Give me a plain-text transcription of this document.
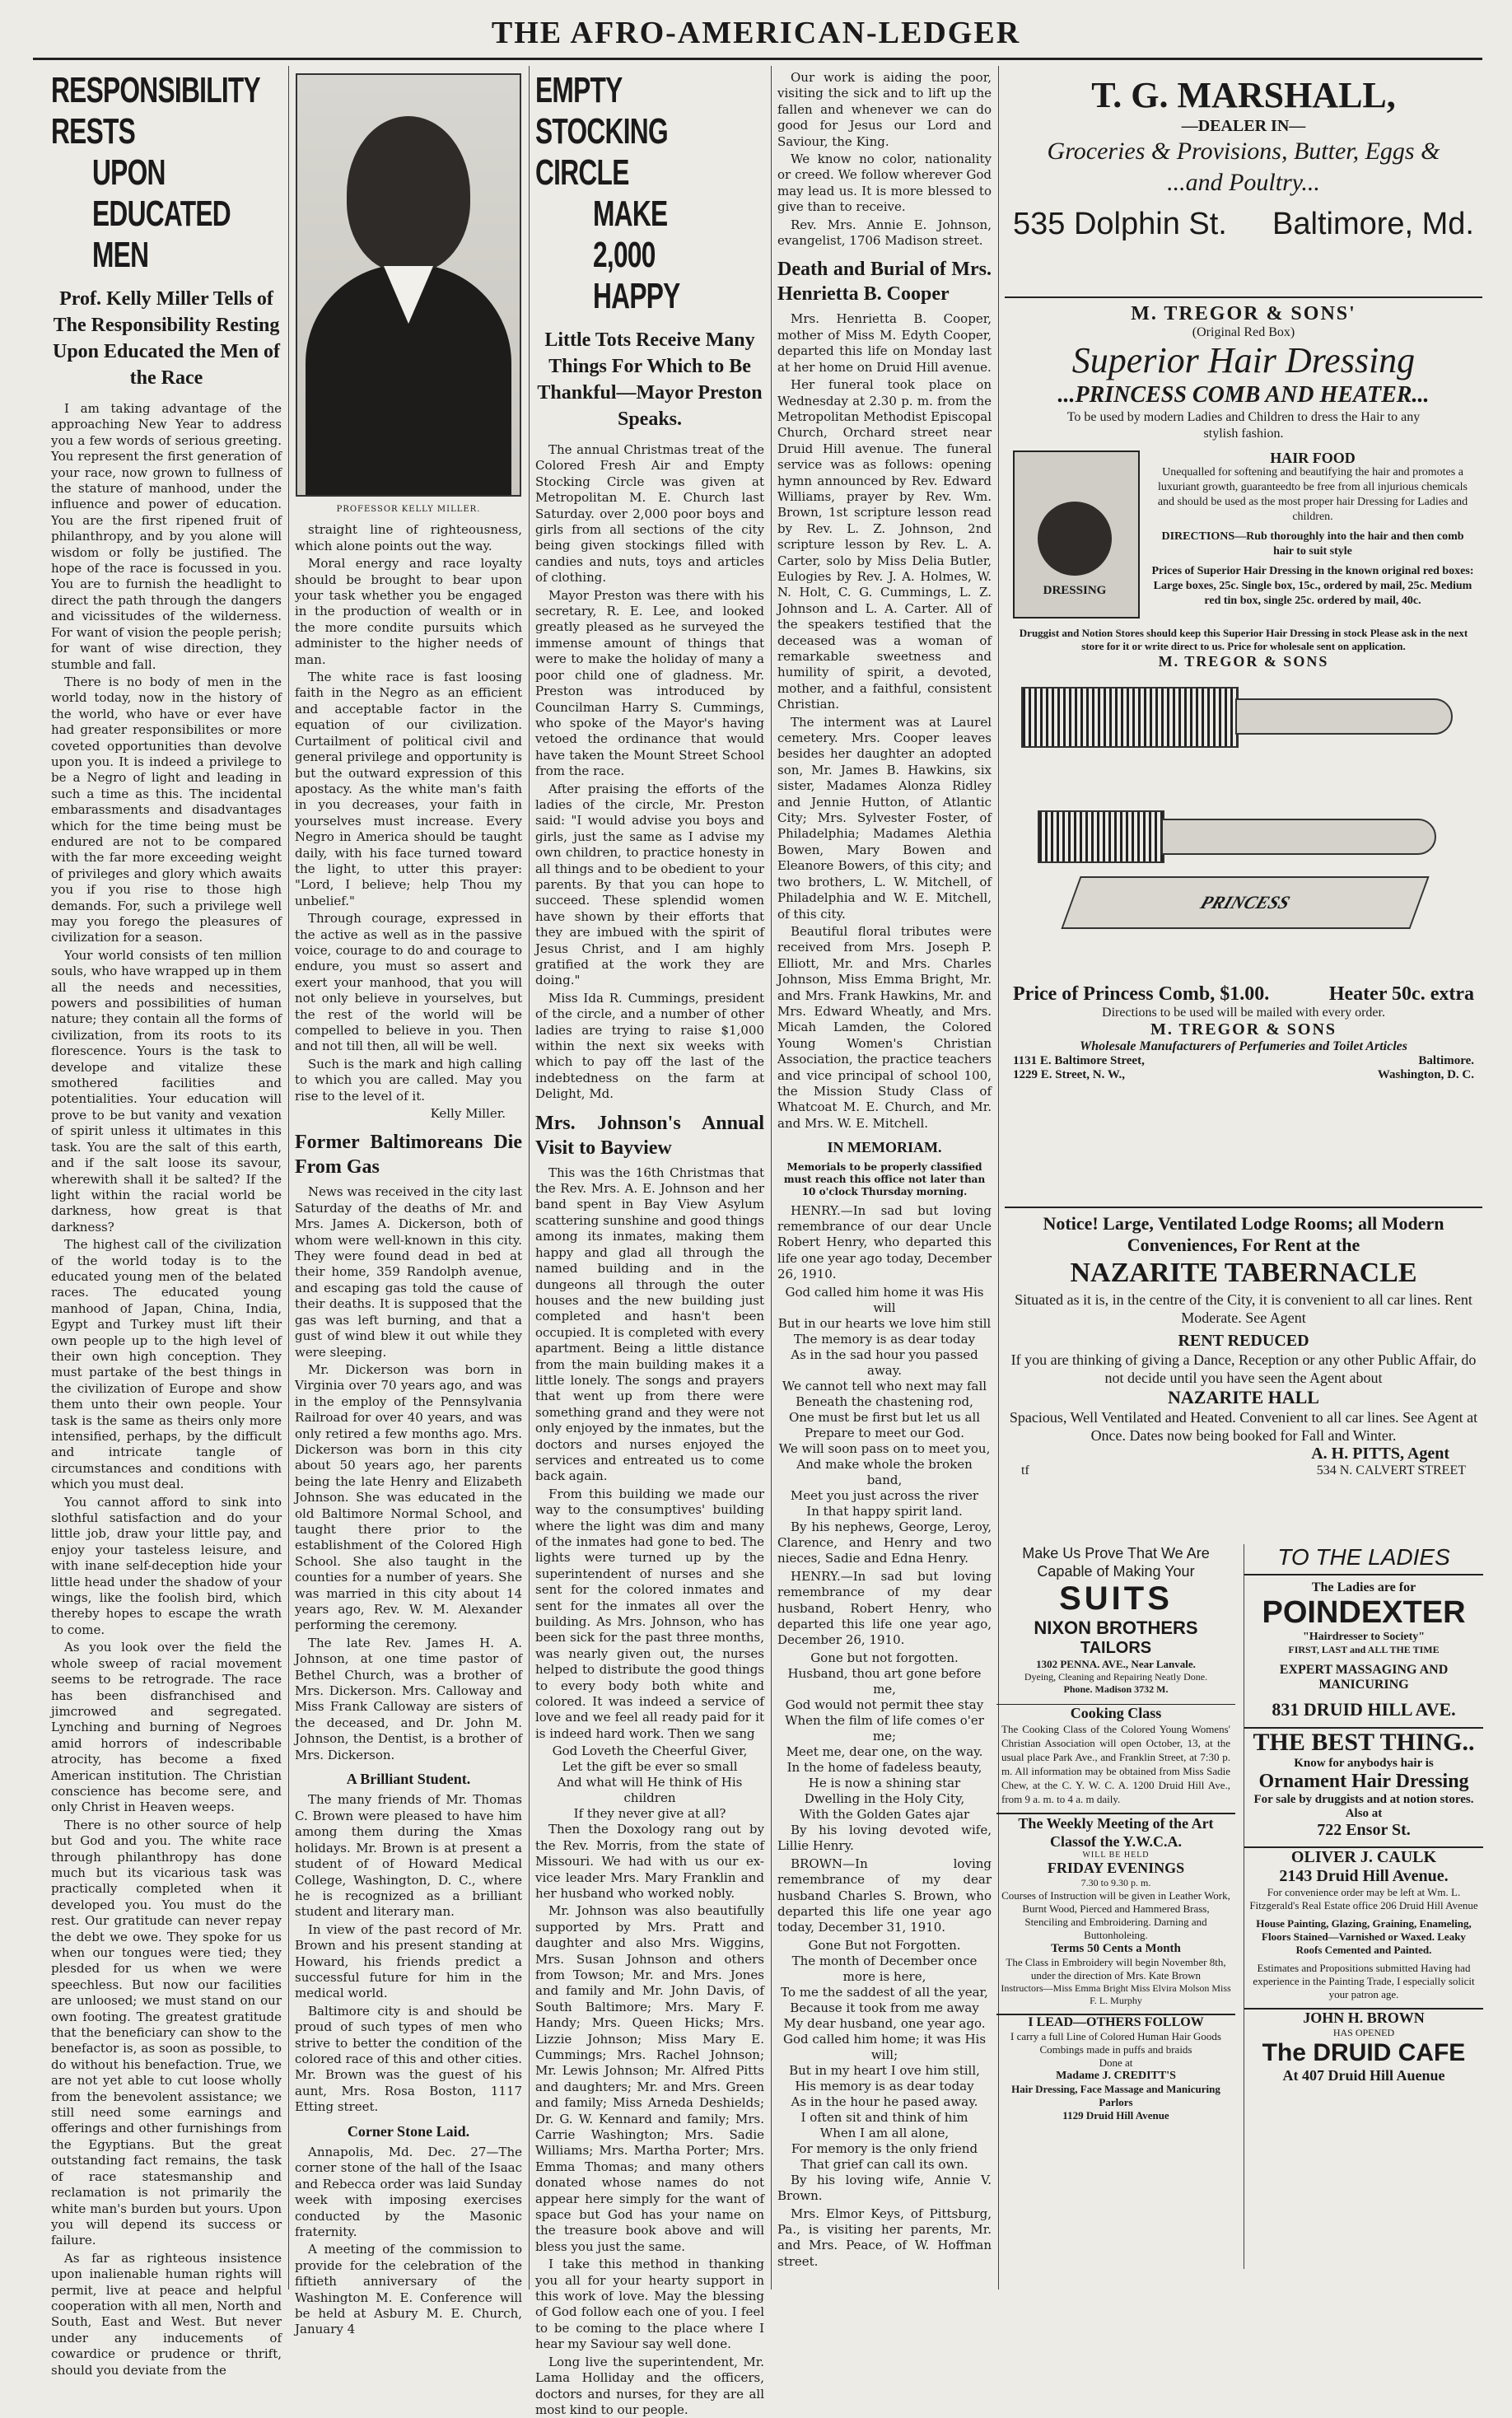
THE AFRO-AMERICAN-LEDGER
RESPONSIBILITY RESTS
UPON EDUCATED MEN
Prof. Kelly Miller Tells of The Responsibility Resting Upon Educated the Men of the Race

I am taking advantage of the approaching New Year to address you a few words of serious greeting. You represent the first generation of your race, now grown to fullness of the stature of manhood, under the influence and power of education. You are the first ripened fruit of philanthropy, and by you alone will wisdom or folly be justified. The hope of the race is focussed in you. You are to furnish the headlight to direct the path through the dangers and vicissitudes of the wilderness. For want of vision the people perish; for want of wise direction, they stumble and fall.

There is no body of men in the world today, now in the history of the world, who have or ever have had greater responsibilites or more coveted opportunities than devolve upon you. It is indeed a privilege to be a Negro of light and leading in such a time as this. The incidental embarassments and disadvantages which for the time being must be endured are not to be compared with the far more exceeding weight of privileges and glory which awaits you if you rise to those high demands. For, such a privilege well may you forego the pleasures of civilization for a season.

Your world consists of ten million souls, who have wrapped up in them all the needs and necessities, powers and possibilities of human nature; they contain all the forms of civilization, from its roots to its florescence. Yours is the task to develope and vitalize these smothered facilities and potentialities. Your education will prove to be but vanity and vexation of spirit unless it ultimates in this task. You are the salt of this earth, and if the salt loose its savour, wherewith shall it be salted? If the light within the racial world be darkness, how great is that darkness?

The highest call of the civilization of the world today is to the educated young men of the belated races. The educated young manhood of Japan, China, India, Egypt and Turkey must lift their own people up to the high level of their own high conception. They must partake of the best things in the civilization of Europe and show them unto their own people. Your task is the same as theirs only more intensified, perhaps, by the difficult and intricate tangle of circumstances and conditions with which you must deal.

You cannot afford to sink into slothful satisfaction and do your little job, draw your little pay, and enjoy your tasteless leisure, and with inane self-deception hide your little head under the shadow of your wings, like the foolish bird, which thereby hopes to escape the wrath to come.

As you look over the field the whole sweep of racial movement seems to be retrograde. The race has been disfranchised and jimcrowed and segregated. Lynching and burning of Negroes amid horrors of indescribable atrocity, has become a fixed American institution. The Christian conscience has become sere, and only Christ in Heaven weeps.

There is no other source of help but God and you. The white race through philanthropy has done much but its vicarious task was practically completed when it developed you. You must do the rest. Our gratitude can never repay the debt we owe. They spoke for us when our tongues were tied; they plesded for us when we were speechless. But now our facilities are unloosed; we must stand on our own footing. The greatest gratitude that the beneficiary can show to the benefactor is, as soon as possible, to do without his benefaction. True, we are not yet able to cut loose wholly from the benevolent assistance; we still need some earnings and offerings and other furnishings from the Egyptians. But the great outstanding fact remains, the task of race statesmanship and reclamation is not primarily the white man's burden but yours. Upon you will depend its success or failure.

As far as righteous insistence upon inalienable human rights will permit, live at peace and helpful cooperation with all men, North and South, East and West. But never under any inducements of cowardice or prudence or thrift, should you deviate from the

PROFESSOR KELLY MILLER.

straight line of righteousness, which alone points out the way.

Moral energy and race loyalty should be brought to bear upon your task whether you be engaged in the production of wealth or in the more condite pursuits which administer to the higher needs of man.

The white race is fast loosing faith in the Negro as an efficient and acceptable factor in the equation of our civilization. Curtailment of political civil and general privilege and opportunity is but the outward expression of this apostacy. As the white man's faith in you decreases, your faith in yourselves must increase. Every Negro in America should be taught daily, with his face turned toward the light, to utter this prayer: "Lord, I believe; help Thou my unbelief."

Through courage, expressed in the active as well as in the passive voice, courage to do and courage to endure, you must so assert and exert your manhood, that you will not only believe in yourselves, but the rest of the world will be compelled to believe in you. Then and not till then, all will be well.

Such is the mark and high calling to which you are called. May you rise to the level of it.

Kelly Miller.
Former Baltimoreans Die From Gas

News was received in the city last Saturday of the deaths of Mr. and Mrs. James A. Dickerson, both of whom were well-known in this city. They were found dead in bed at their home, 359 Randolph avenue, and escaping gas told the cause of their deaths. It is supposed that the gas was left burning, and that a gust of wind blew it out while they were sleeping.

Mr. Dickerson was born in Virginia over 70 years ago, and was in the employ of the Pennsylvania Railroad for over 40 years, and was only retired a few months ago. Mrs. Dickerson was born in this city about 50 years ago, her parents being the late Henry and Elizabeth Johnson. She was educated in the old Baltimore Normal School, and taught there prior to the establishment of the Colored High School. She also taught in the counties for a number of years. She was married in this city about 14 years ago, Rev. W. M. Alexander performing the ceremony.

The late Rev. James H. A. Johnson, at one time pastor of Bethel Church, was a brother of Mrs. Dickerson. Mrs. Calloway and Miss Frank Calloway are sisters of the deceased, and Dr. John M. Johnson, the Dentist, is a brother of Mrs. Dickerson.

A Brilliant Student.

The many friends of Mr. Thomas C. Brown were pleased to have him among them during the Xmas holidays. Mr. Brown is at present a student of of Howard Medical College, Washington, D. C., where he is recognized as a brilliant student and literary man.

In view of the past record of Mr. Brown and his present standing at Howard, his friends predict a successful future for him in the medical world.

Baltimore city is and should be proud of such types of men who strive to better the condition of the colored race of this and other cities. Mr. Brown was the guest of his aunt, Mrs. Rosa Boston, 1117 Etting street.

Corner Stone Laid.

Annapolis, Md. Dec. 27—The corner stone of the hall of the Isaac and Rebecca order was laid Sunday week with imposing exercises conducted by the Masonic fraternity.

A meeting of the commission to provide for the celebration of the fiftieth anniversary of the Washington M. E. Conference will be held at Asbury M. E. Church, January 4

EMPTY STOCKING CIRCLE
MAKE 2,000 HAPPY
Little Tots Receive Many Things For Which to Be Thankful—Mayor Preston Speaks.

The annual Christmas treat of the Colored Fresh Air and Empty Stocking Circle was given at Metropolitan M. E. Church last Saturday. over 2,000 poor boys and girls from all sections of the city being given stockings filled with candies and nuts, toys and articles of clothing.

Mayor Preston was there with his secretary, R. E. Lee, and looked greatly pleased as he surveyed the immense amount of things that were to make the holiday of many a poor child one of gladness. Mr. Preston was introduced by Councilman Harry S. Cummings, who spoke of the Mayor's having vetoed the ordinance that would have taken the Mount Street School from the race.

After praising the efforts of the ladies of the circle, Mr. Preston said: "I would advise you boys and girls, just the same as I advise my own children, to practice honesty in all things and to be obedient to your parents. By that you can hope to succeed. These splendid women have shown by their efforts that they are imbued with the spirit of Jesus Christ, and I am highly gratified at the work they are doing."

Miss Ida R. Cummings, president of the circle, and a number of other ladies are trying to raise $1,000 within the next six weeks with which to pay off the last of the indebtedness on the farm at Delight, Md.

Mrs. Johnson's Annual Visit to Bayview

This was the 16th Christmas that the Rev. Mrs. A. E. Johnson and her band spent in Bay View Asylum scattering sunshine and good things among its inmates, making them happy and glad all through the named building and in the dungeons all through the outer houses and the new building just completed and hasn't been occupied. It is completed with every apartment. Being a little distance from the main building makes it a little lonely. The songs and prayers that went up from there were something grand and they were not only enjoyed by the inmates, but the doctors and nurses enjoyed the services and entreated us to come back again.

From this building we made our way to the consumptives' building where the light was dim and many of the inmates had gone to bed. The lights were turned up by the superintendent of nurses and she sent for the colored inmates and sent for the inmates all over the building. As Mrs. Johnson, who has been sick for the past three months, was nearly given out, the nurses helped to distribute the good things to every body both white and colored. It was indeed a service of love and we feel all ready paid for it is indeed hard work. Then we sang

God Loveth the Cheerful Giver,
Let the gift be ever so small
And what will He think of His children
If they never give at all?

Then the Doxology rang out by the Rev. Morris, from the state of Missouri. We had with us our ex-vice leader Mrs. Mary Franklin and her husband who worked nobly.

Mr. Johnson was also beautifully supported by Mrs. Pratt and daughter and also Mrs. Wiggins, Mrs. Susan Johnson and others from Towson; Mr. and Mrs. Jones and family and Mr. John Davis, of South Baltimore; Mrs. Mary F. Handy; Mrs. Queen Hicks; Mrs. Lizzie Johnson; Miss Mary E. Cummings; Mrs. Rachel Johnson; Mr. Lewis Johnson; Mr. Alfred Pitts and daughters; Mr. and Mrs. Green and family; Miss Arneda Deshields; Dr. G. W. Kennard and family; Mrs. Carrie Washington; Mrs. Sadie Williams; Mrs. Martha Porter; Mrs. Emma Thomas; and many others donated whose names do not appear here simply for the want of space but God has your name on the treasure book above and will bless you just the same.

I take this method in thanking you all for your hearty support in this work of love. May the blessing of God follow each one of you. I feel to be coming to the place where I hear my Saviour say well done.

Long live the superintendent, Mr. Lama Holliday and the officers, doctors and nurses, for they are all most kind to our people.

Our work is aiding the poor, visiting the sick and to lift up the fallen and whenever we can do good for Jesus our Lord and Saviour, the King.

We know no color, nationality or creed. We follow wherever God may lead us. It is more blessed to give than to receive.

Rev. Mrs. Annie E. Johnson, evangelist, 1706 Madison street.

Death and Burial of Mrs. Henrietta B. Cooper

Mrs. Henrietta B. Cooper, mother of Miss M. Edyth Cooper, departed this life on Monday last at her home on Druid Hill avenue.

Her funeral took place on Wednesday at 2.30 p. m. from the Metropolitan Methodist Episcopal Church, Orchard street near Druid Hill avenue. The funeral service was as follows: opening hymn announced by Rev. Edward Williams, prayer by Rev. Wm. Brown, 1st scripture lesson read by Rev. L. Z. Johnson, 2nd scripture lesson by Rev. L. A. Carter, solo by Miss Delia Butler, Eulogies by Rev. J. A. Holmes, W. N. Holt, C. G. Cummings, L. Z. Johnson and L. A. Carter. All of the speakers testified that the deceased was a woman of remarkable sweetness and humility of spirit, a devoted, mother, and a faithful, consistent Christian.

The interment was at Laurel cemetery. Mrs. Cooper leaves besides her daughter an adopted son, Mr. James B. Hawkins, six sister, Madames Alonza Ridley and Jennie Hutton, of Atlantic City; Mrs. Sylvester Foster, of Philadelphia; Madames Alethia Bowen, Mary Bowen and Eleanore Bowers, of this city; and two brothers, L. W. Mitchell, of Philadelphia and W. E. Mitchell, of this city.

Beautiful floral tributes were received from Mrs. Joseph P. Elliott, Mr. and Mrs. Charles Johnson, Miss Emma Bright, Mr. and Mrs. Frank Hawkins, Mr. and Mrs. Edward Wheatly, and Mrs. Micah Lamden, the Colored Young Women's Christian Association, the practice teachers and vice principal of school 100, the Mission Study Class of Whatcoat M. E. Church, and Mr. and Mrs. W. E. Mitchell.

IN MEMORIAM.
Memorials to be properly classified must reach this office not later than 10 o'clock Thursday morning.

HENRY.—In sad but loving remembrance of our dear Uncle Robert Henry, who departed this life one year ago today, December 26, 1910.

God called him home it was His will
But in our hearts we love him still
The memory is as dear today
As in the sad hour you passed away.
We cannot tell who next may fall
Beneath the chastening rod,
One must be first but let us all
Prepare to meet our God.
We will soon pass on to meet you,
And make whole the broken band,
Meet you just across the river
In that happy spirit land.

By his nephews, George, Leroy, Clarence, and Henry and two nieces, Sadie and Edna Henry.

HENRY.—In sad but loving remembrance of my dear husband, Robert Henry, who departed this life one year ago, December 26, 1910.

Gone but not forgotten.
Husband, thou art gone before me,
God would not permit thee stay
When the film of life comes o'er me;
Meet me, dear one, on the way.
In the home of fadeless beauty,
He is now a shining star
Dwelling in the Holy City,
With the Golden Gates ajar

By his loving devoted wife, Lillie Henry.

BROWN—In loving remembrance of my dear husband Charles S. Brown, who departed this life one year ago today, December 31, 1910.

Gone But not Forgotten.
The month of December once more is here,
To me the saddest of all the year,
Because it took from me away
My dear husband, one year ago.
God called him home; it was His will;
But in my heart I ove him still,
His memory is as dear today
As in the hour he pased away.
I often sit and think of him
When I am all alone,
For memory is the only friend
That grief can call its own.

By his loving wife, Annie V. Brown.

Mrs. Elmor Keys, of Pittsburg, Pa., is visiting her parents, Mr. and Mrs. Peace, of W. Hoffman street.

T. G. MARSHALL,
—DEALER IN—
Groceries & Provisions, Butter, Eggs &
...and Poultry...
535 Dolphin St. Baltimore, Md.
M. TREGOR & SONS'
(Original Red Box)
Superior Hair Dressing
...PRINCESS COMB AND HEATER...
To be used by modern Ladies and Children to dress the Hair to any stylish fashion.
DRESSING
HAIR FOOD
Unequalled for softening and beautifying the hair and promotes a luxuriant growth, guaranteedto be free from all injurious chemicals and should be used as the most proper hair Dressing for Ladies and children.
DIRECTIONS—Rub thoroughly into the hair and then comb hair to suit style
Prices of Superior Hair Dressing in the known original red boxes: Large boxes, 25c. Single box, 15c., ordered by mail, 25c. Medium red tin box, single 25c. ordered by mail, 40c.
Druggist and Notion Stores should keep this Superior Hair Dressing in stock Please ask in the next store for it or write direct to us. Price for wholesale sent on application.
M. TREGOR & SONS
PRINCESS
Price of Princess Comb, $1.00.	Heater 50c. extra
Directions to be used will be mailed with every order.
M. TREGOR & SONS
Wholesale Manufacturers of Perfumeries and Toilet Articles
1131 E. Baltimore Street,	Baltimore.
1229 E. Street, N. W.,	Washington, D. C.
Notice! Large, Ventilated Lodge Rooms; all Modern Conveniences, For Rent at the
NAZARITE TABERNACLE
Situated as it is, in the centre of the City, it is convenient to all car lines. Rent Moderate. See Agent
RENT REDUCED
If you are thinking of giving a Dance, Reception or any other Public Affair, do not decide until you have seen the Agent about
NAZARITE HALL
Spacious, Well Ventilated and Heated. Convenient to all car lines. See Agent at Once. Dates now being booked for Fall and Winter.
A. H. PITTS, Agent
tf	534 N. CALVERT STREET
Make Us Prove That We Are Capable of Making Your
SUITS
NIXON BROTHERS
TAILORS
1302 PENNA. AVE., Near Lanvale.
Dyeing, Cleaning and Repairing Neatly Done.
Phone. Madison 3732 M.
Cooking Class
The Cooking Class of the Colored Young Womens' Christian Association will open October, 13, at the usual place Park Ave., and Franklin Street, at 7:30 p. m. All information may be obtained from Miss Sadie Chew, at the C. Y. W. C. A. 1200 Druid Hill Ave., from 9 a. m. to 4 a. m daily.
The Weekly Meeting of the Art Classof the Y.W.C.A.
WILL BE HELD
FRIDAY EVENINGS
7.30 to 9.30 p. m.
Courses of Instruction will be given in Leather Work, Burnt Wood, Pierced and Hammered Brass, Stenciling and Embroidering. Darning and Buttonholeing.
Terms 50 Cents a Month
The Class in Embroidery will begin November 8th, under the direction of Mrs. Kate Brown
Instructors—Miss Emma Bright Miss Elvira Molson Miss F. L. Murphy
I LEAD—OTHERS FOLLOW
I carry a full Line of Colored Human Hair Goods
Combings made in puffs and braids
Done at
Madame J. CREDITT'S
Hair Dressing, Face Massage and Manicuring Parlors
1129 Druid Hill Avenue
TO THE LADIES
The Ladies are for
POINDEXTER
"Hairdresser to Society"
FIRST, LAST and ALL THE TIME
EXPERT MASSAGING AND MANICURING
831 DRUID HILL AVE.
THE BEST THING..
Know for anybodys hair is
Ornament Hair Dressing
For sale by druggists and at notion stores. Also at
722 Ensor St.
OLIVER J. CAULK
2143 Druid Hill Avenue.
For convenience order may be left at Wm. L. Fitzgerald's Real Estate office 206 Druid Hill Avenue
House Painting, Glazing, Graining, Enameling, Floors Stained—Varnished or Waxed. Leaky Roofs Cemented and Painted.
Estimates and Propositions submitted Having had experience in the Painting Trade, I especially solicit your patron age.
JOHN H. BROWN
HAS OPENED
The DRUID CAFE
At 407 Druid Hill Auenue
